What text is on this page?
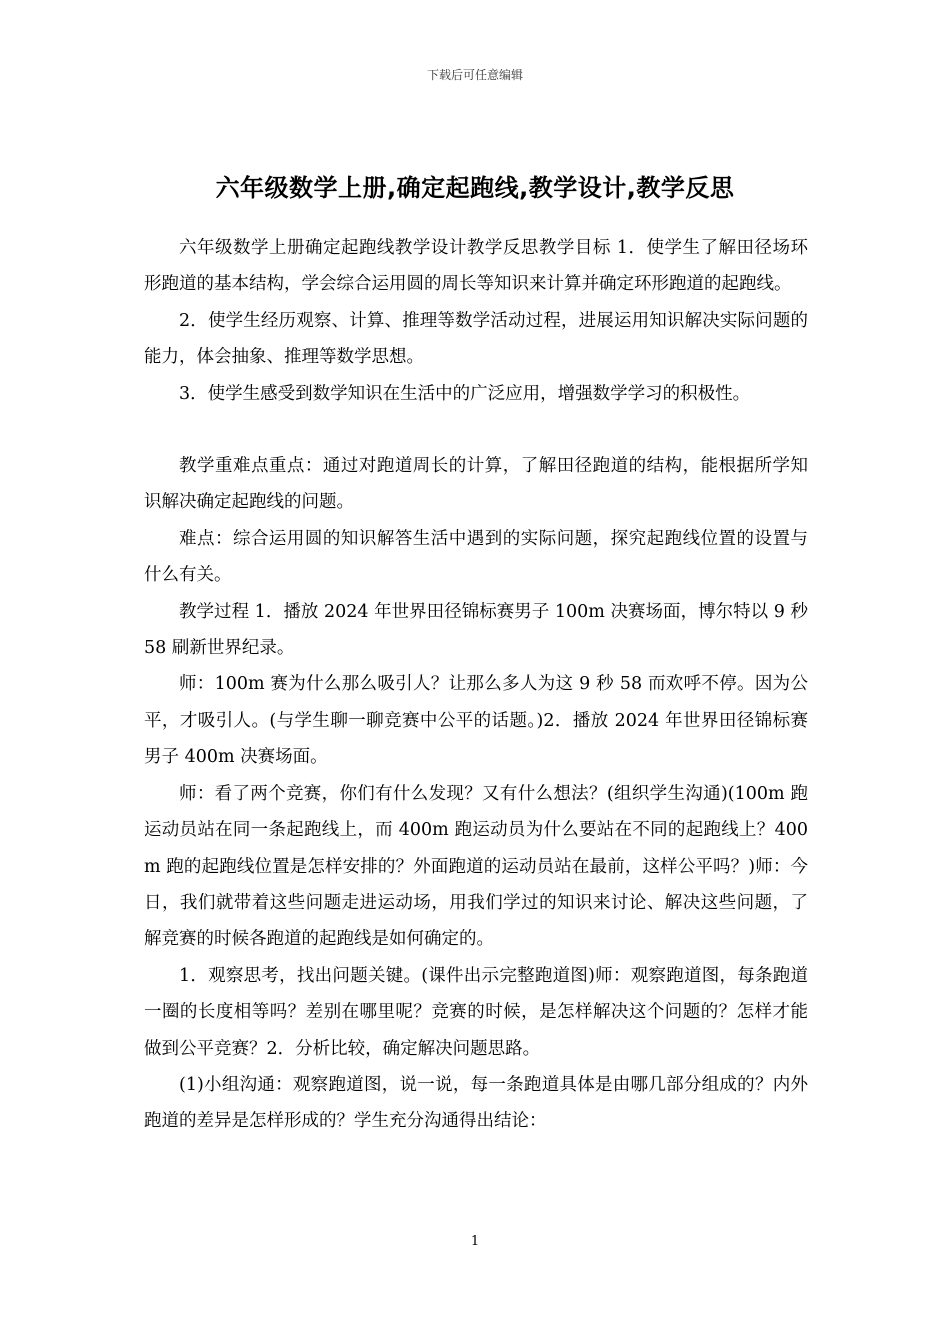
下载后可任意编辑
六年级数学上册,确定起跑线,教学设计,教学反思

六年级数学上册确定起跑线教学设计教学反思教学目标 1．使学生了解田径场环形跑道的基本结构，学会综合运用圆的周长等知识来计算并确定环形跑道的起跑线。

2．使学生经历观察、计算、推理等数学活动过程，进展运用知识解决实际问题的能力，体会抽象、推理等数学思想。

3．使学生感受到数学知识在生活中的广泛应用，增强数学学习的积极性。

教学重难点重点：通过对跑道周长的计算，了解田径跑道的结构，能根据所学知识解决确定起跑线的问题。

难点：综合运用圆的知识解答生活中遇到的实际问题，探究起跑线位置的设置与什么有关。

教学过程 1．播放 2024 年世界田径锦标赛男子 100m 决赛场面，博尔特以 9 秒 58 刷新世界纪录。

师：100m 赛为什么那么吸引人？让那么多人为这 9 秒 58 而欢呼不停。因为公平，才吸引人。(与学生聊一聊竞赛中公平的话题。)2．播放 2024 年世界田径锦标赛男子 400m 决赛场面。

师：看了两个竞赛，你们有什么发现？又有什么想法？(组织学生沟通)(100m 跑运动员站在同一条起跑线上，而 400m 跑运动员为什么要站在不同的起跑线上？400m 跑的起跑线位置是怎样安排的？外面跑道的运动员站在最前，这样公平吗？)师：今日，我们就带着这些问题走进运动场，用我们学过的知识来讨论、解决这些问题，了解竞赛的时候各跑道的起跑线是如何确定的。

1．观察思考，找出问题关键。(课件出示完整跑道图)师：观察跑道图，每条跑道一圈的长度相等吗？差别在哪里呢？竞赛的时候，是怎样解决这个问题的？怎样才能做到公平竞赛？2．分析比较，确定解决问题思路。

(1)小组沟通：观察跑道图，说一说，每一条跑道具体是由哪几部分组成的？内外跑道的差异是怎样形成的？学生充分沟通得出结论：

1
